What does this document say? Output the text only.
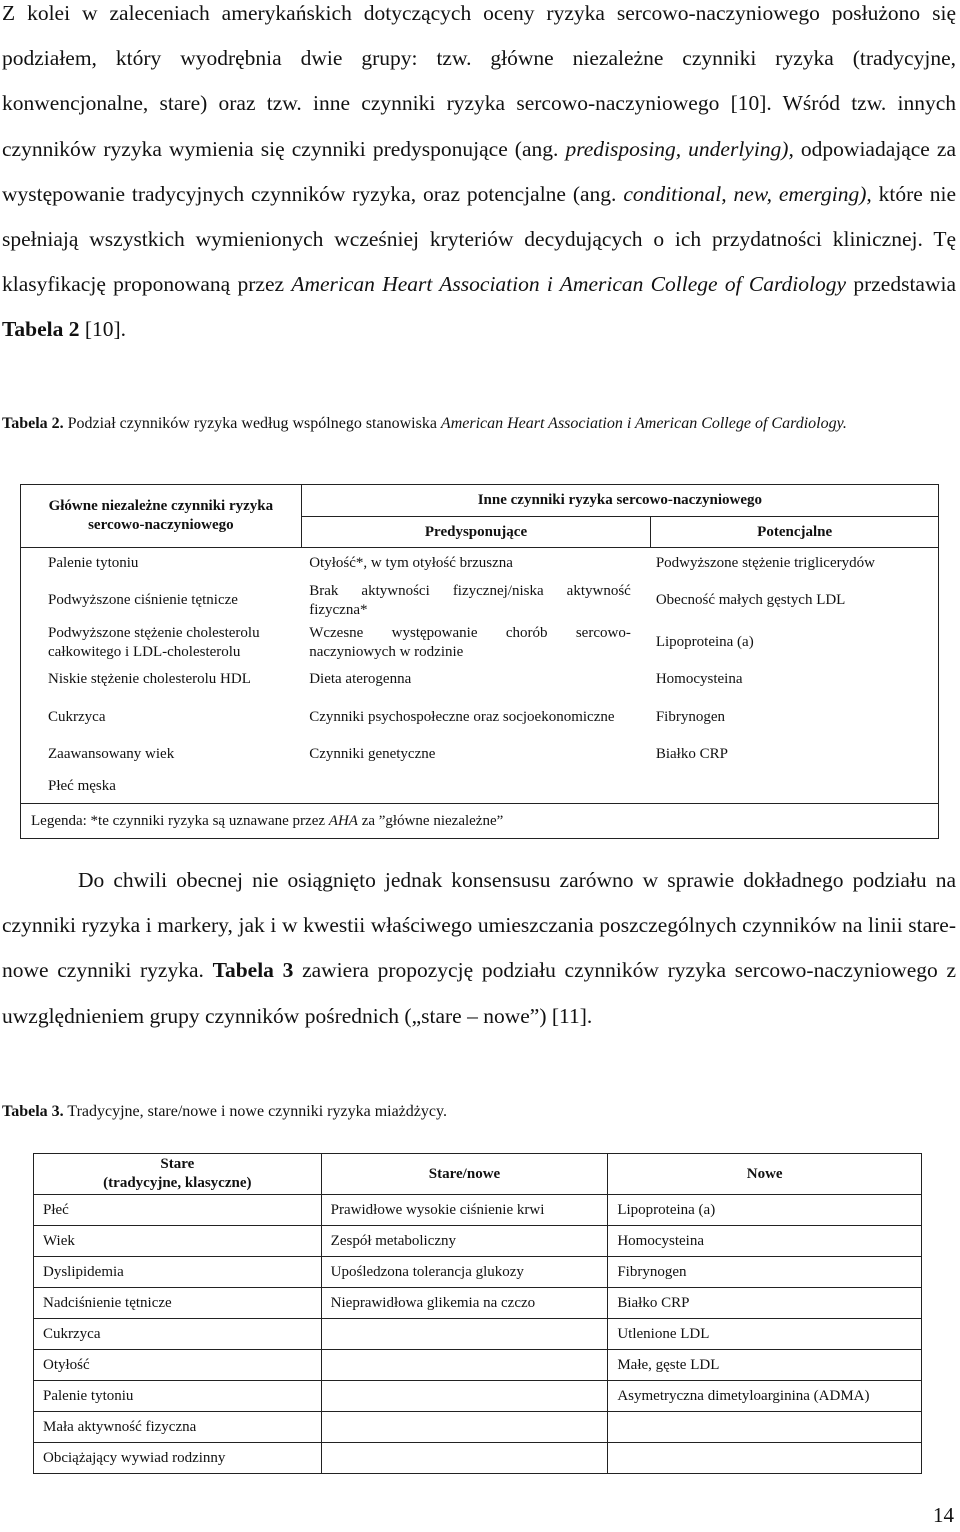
Z kolei w zaleceniach amerykańskich dotyczących oceny ryzyka sercowo-naczyniowego posłużono się podziałem, który wyodrębnia dwie grupy: tzw. główne niezależne czynniki ryzyka (tradycyjne, konwencjonalne, stare) oraz tzw. inne czynniki ryzyka sercowo-naczyniowego [10]. Wśród tzw. innych czynników ryzyka wymienia się czynniki predysponujące (ang. predisposing, underlying), odpowiadające za występowanie tradycyjnych czynników ryzyka, oraz potencjalne (ang. conditional, new, emerging), które nie spełniają wszystkich wymienionych wcześniej kryteriów decydujących o ich przydatności klinicznej. Tę klasyfikację proponowaną przez American Heart Association i American College of Cardiology przedstawia Tabela 2 [10].
Tabela 2. Podział czynników ryzyka według wspólnego stanowiska American Heart Association i American College of Cardiology.
Główne niezależne czynniki ryzyka sercowo-naczyniowego	Inne czynniki ryzyka sercowo-naczyniowego	
	Predysponujące	Potencjalne
Palenie tytoniu	Otyłość*, w tym otyłość brzuszna	Podwyższone stężenie triglicerydów
Podwyższone ciśnienie tętnicze	Brak aktywności fizycznej/niska aktywność fizyczna*	Obecność małych gęstych LDL
Podwyższone stężenie cholesterolu całkowitego i LDL-cholesterolu	Wczesne występowanie chorób sercowo-naczyniowych w rodzinie	Lipoproteina (a)
Niskie stężenie cholesterolu HDL	Dieta aterogenna	Homocysteina
Cukrzyca	Czynniki psychospołeczne oraz socjoekonomiczne	Fibrynogen
Zaawansowany wiek	Czynniki genetyczne	Białko CRP
Płeć męska		
Legenda: *te czynniki ryzyka są uznawane przez AHA za ”główne niezależne”		
Do chwili obecnej nie osiągnięto jednak konsensusu zarówno w sprawie dokładnego podziału na czynniki ryzyka i markery, jak i w kwestii właściwego umieszczania poszczególnych czynników na linii stare-nowe czynniki ryzyka. Tabela 3 zawiera propozycję podziału czynników ryzyka sercowo-naczyniowego z uwzględnieniem grupy czynników pośrednich („stare – nowe”) [11].
Tabela 3. Tradycyjne, stare/nowe i nowe czynniki ryzyka miażdżycy.
Stare
(tradycyjne, klasyczne)	Stare/nowe	Nowe
Płeć	Prawidłowe wysokie ciśnienie krwi	Lipoproteina (a)
Wiek	Zespół metaboliczny	Homocysteina
Dyslipidemia	Upośledzona tolerancja glukozy	Fibrynogen
Nadciśnienie tętnicze	Nieprawidłowa glikemia na czczo	Białko CRP
Cukrzyca		Utlenione LDL
Otyłość		Małe, gęste LDL
Palenie tytoniu		Asymetryczna dimetyloarginina (ADMA)
Mała aktywność fizyczna		
Obciążający wywiad rodzinny		
14
